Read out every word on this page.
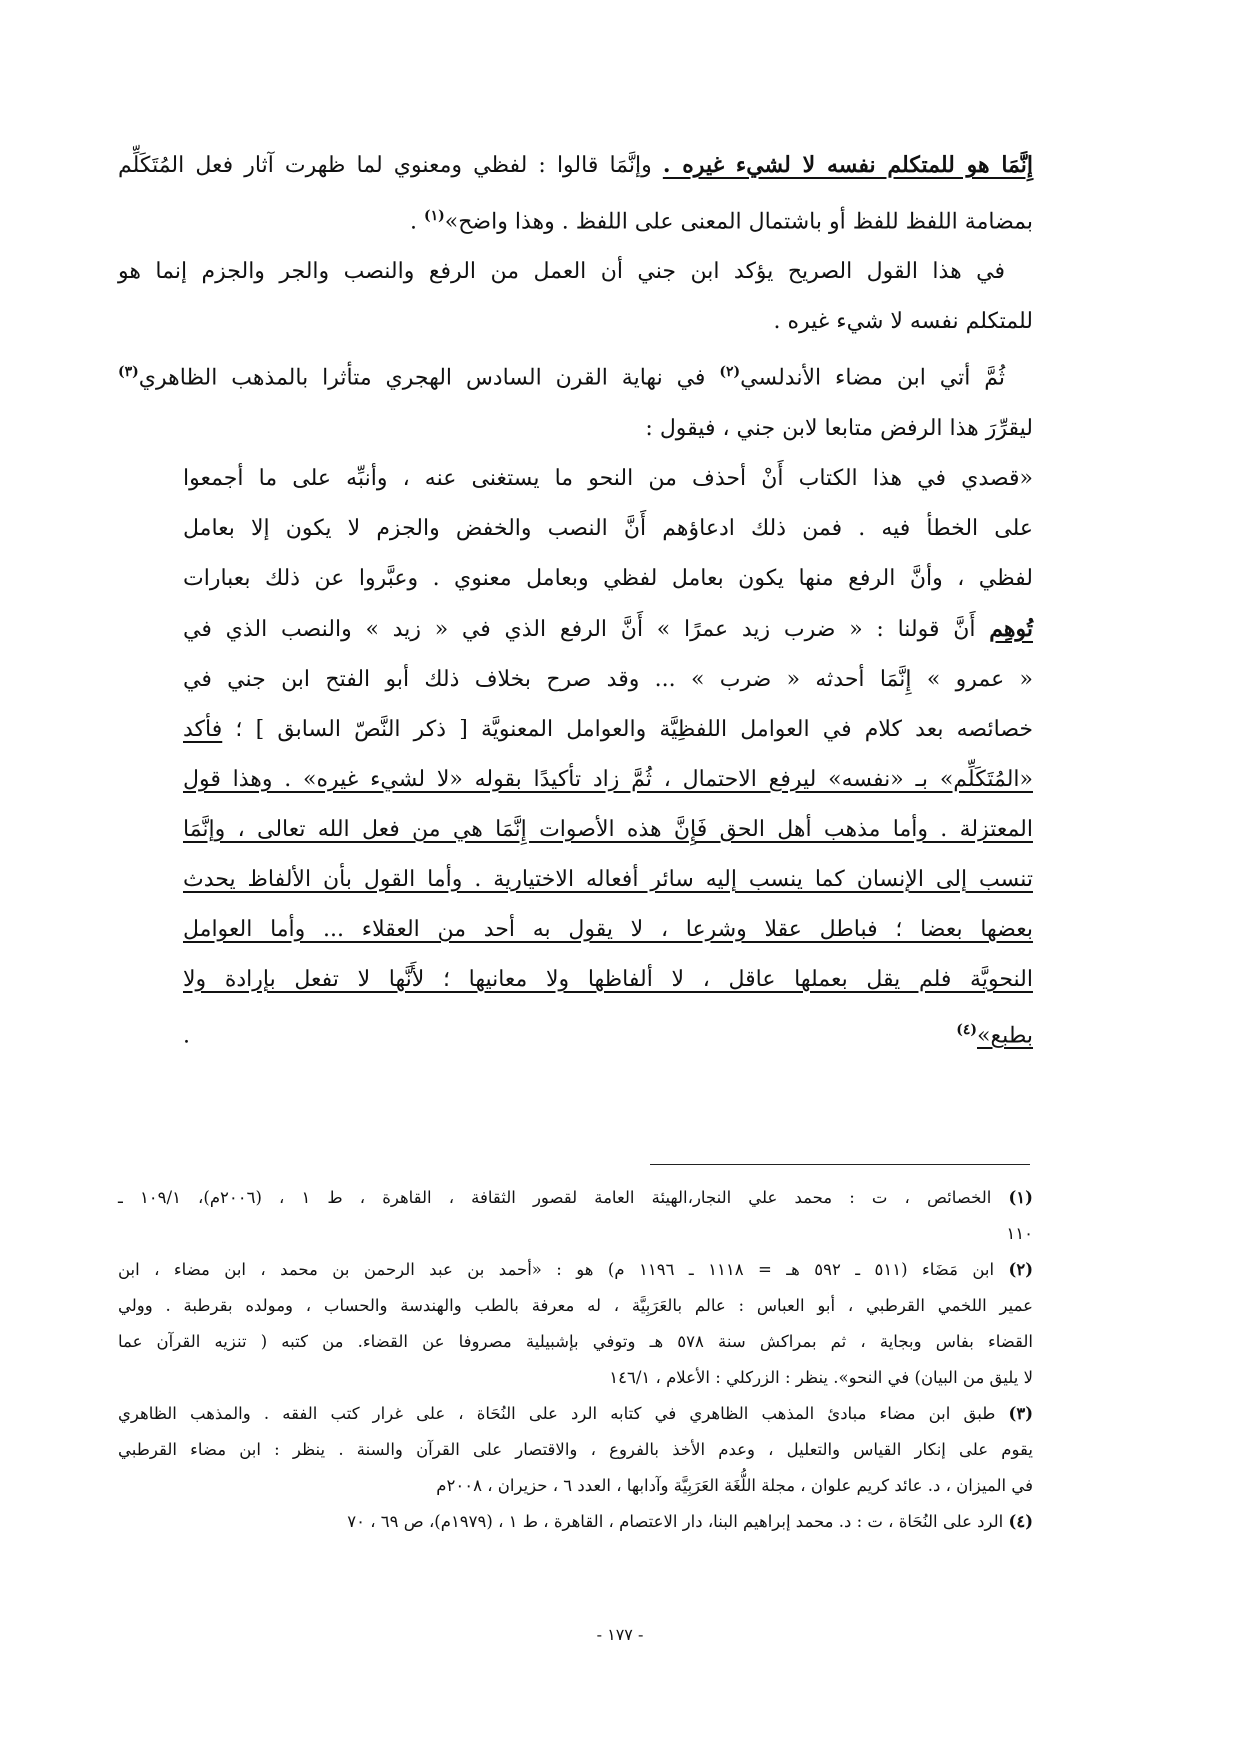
إِنَّمَا هو للمتكلم نفسه لا لشيء غيره . وإنَّمَا قالوا : لفظي ومعنوي لما ظهرت آثار فعل المُتَكَلِّم
بمضامة اللفظ للفظ أو باشتمال المعنى على اللفظ . وهذا واضح»$^{(١)}$ .
في هذا القول الصريح يؤكد ابن جني أن العمل من الرفع والنصب والجر والجزم إنما هو
للمتكلم نفسه لا شيء غيره .
ثُمَّ أتي ابن مضاء الأندلسي$^{(٢)}$ في نهاية القرن السادس الهجري متأثرا بالمذهب الظاهري$^{(٣)}$
ليقرِّرَ هذا الرفض متابعا لابن جني ، فيقول :
«قصدي في هذا الكتاب أَنْ أحذف من النحو ما يستغنى عنه ، وأنبِّه على ما أجمعوا
على الخطأ فيه . فمن ذلك ادعاؤهم أَنَّ النصب والخفض والجزم لا يكون إلا بعامل
لفظي ، وأنَّ الرفع منها يكون بعامل لفظي وبعامل معنوي . وعبَّروا عن ذلك بعبارات
تُوهِم أَنَّ قولنا : « ضرب زيد عمرًا » أَنَّ الرفع الذي في « زيد » والنصب الذي في
« عمرو » إِنَّمَا أحدثه « ضرب » ... وقد صرح بخلاف ذلك أبو الفتح ابن جني في
خصائصه بعد كلام في العوامل اللفظِيَّة والعوامل المعنويَّة [ ذكر النَّصّ السابق ] ؛ فأكد
«المُتَكَلِّم» بـ «نفسه» ليرفع الاحتمال ، ثُمَّ زاد تأكيدًا بقوله «لا لشيء غيره» . وهذا قول
المعتزلة . وأما مذهب أهل الحق فَإِنَّ هذه الأصوات إِنَّمَا هي من فعل الله تعالى ، وإنَّمَا
تنسب إلى الإنسان كما ينسب إليه سائر أفعاله الاختيارية . وأما القول بأن الألفاظ يحدث
بعضها بعضا ؛ فباطل عقلا وشرعا ، لا يقول به أحد من العقلاء ... وأما العوامل
النحويَّة فلم يقل بعملها عاقل ، لا ألفاظها ولا معانيها ؛ لأَنَّها لا تفعل بإرادة ولا
بطبع»$^{(٤)}$ .
(١) الخصائص ، ت : محمد علي النجار،الهيئة العامة لقصور الثقافة ، القاهرة ، ط ١ ، (٢٠٠٦م)، ١٠٩/١ ـ
١١٠
(٢) ابن مَضَاء (٥١١ ـ ٥٩٢ هـ = ١١١٨ ـ ١١٩٦ م) هو : «أحمد بن عبد الرحمن بن محمد ، ابن مضاء ، ابن
عمير اللخمي القرطبي ، أبو العباس : عالم بالعَرَبِيَّة ، له معرفة بالطب والهندسة والحساب ، ومولده بقرطبة . وولي
القضاء بفاس وبجاية ، ثم بمراكش سنة ٥٧٨ هـ وتوفي بإشبيلية مصروفا عن القضاء. من كتبه ( تنزيه القرآن عما
لا يليق من البيان) في النحو». ينظر : الزركلي : الأعلام ، ١٤٦/١
(٣) طبق ابن مضاء مبادئ المذهب الظاهري في كتابه الرد على النُحَاة ، على غرار كتب الفقه . والمذهب الظاهري
يقوم على إنكار القياس والتعليل ، وعدم الأخذ بالفروع ، والاقتصار على القرآن والسنة . ينظر : ابن مضاء القرطبي
في الميزان ، د. عائد كريم علوان ، مجلة اللُّغَة العَرَبِيَّة وآدابها ، العدد ٦ ، حزيران ، ٢٠٠٨م
(٤) الرد على النُحَاة ، ت : د. محمد إبراهيم البنا، دار الاعتصام ، القاهرة ، ط ١ ، (١٩٧٩م)، ص ٦٩ ، ٧٠
- ١٧٧ -
